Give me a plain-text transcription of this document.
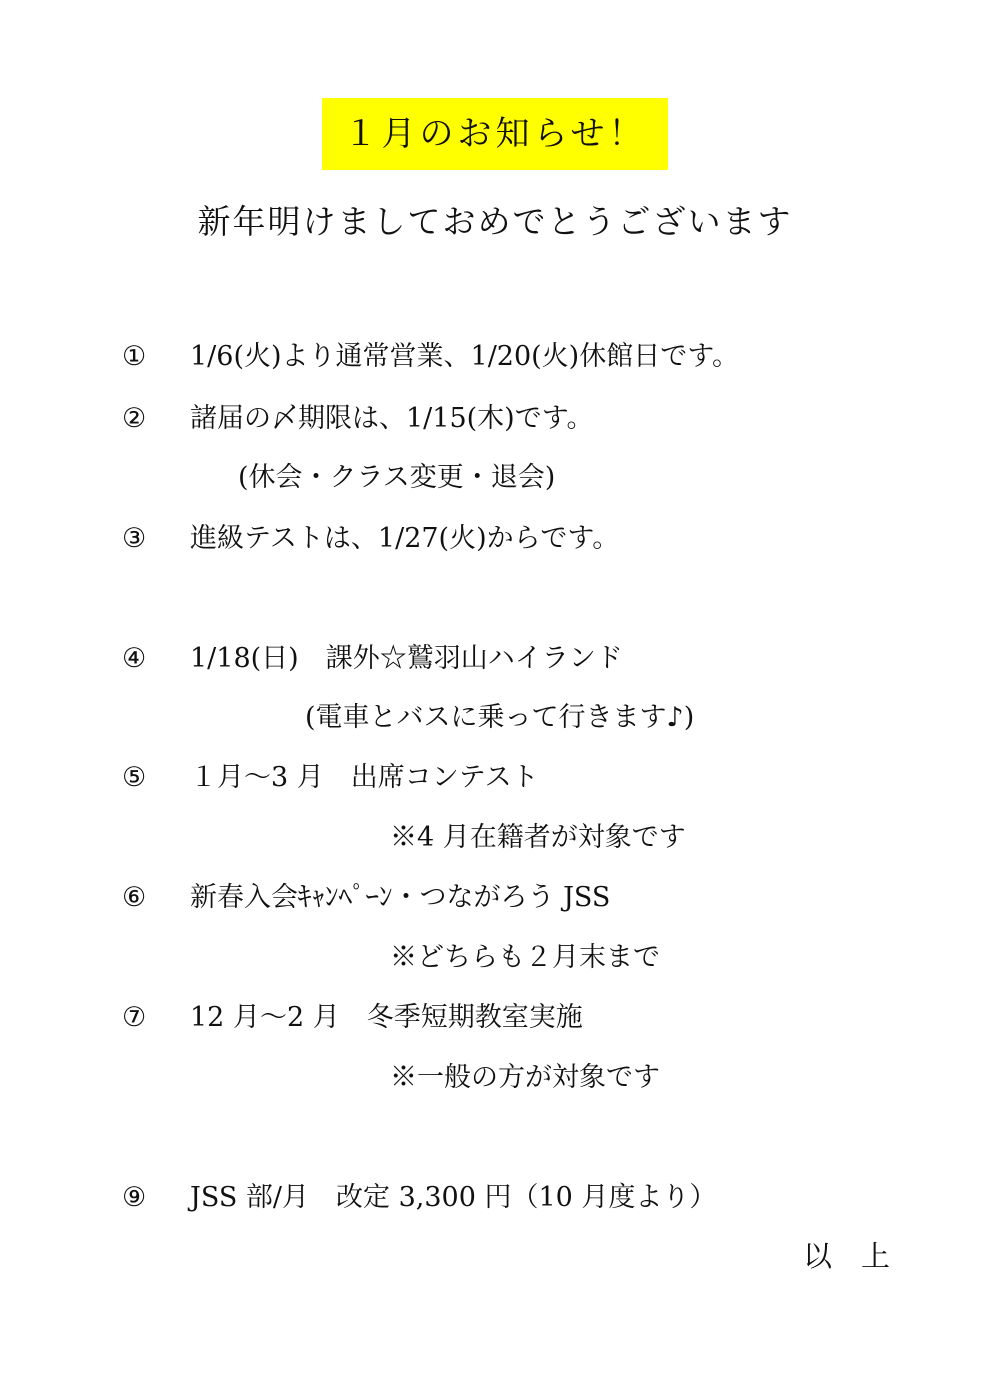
１月のお知らせ！
新年明けましておめでとうございます
① 1/6(火)より通常営業、1/20(火)休館日です。
② 諸届の〆期限は、1/15(木)です。
(休会・クラス変更・退会)
③ 進級テストは、1/27(火)からです。
④ 1/18(日)　課外☆鷲羽山ハイランド
(電車とバスに乗って行きます♪)
⑤ １月～3 月　出席コンテスト
※4 月在籍者が対象です
⑥ 新春入会ｷｬﾝﾍﾟｰﾝ・つながろう JSS
※どちらも２月末まで
⑦ 12 月～2 月　冬季短期教室実施
※一般の方が対象です
⑨ JSS 部/月　改定 3,300 円（10 月度より）
以　上
